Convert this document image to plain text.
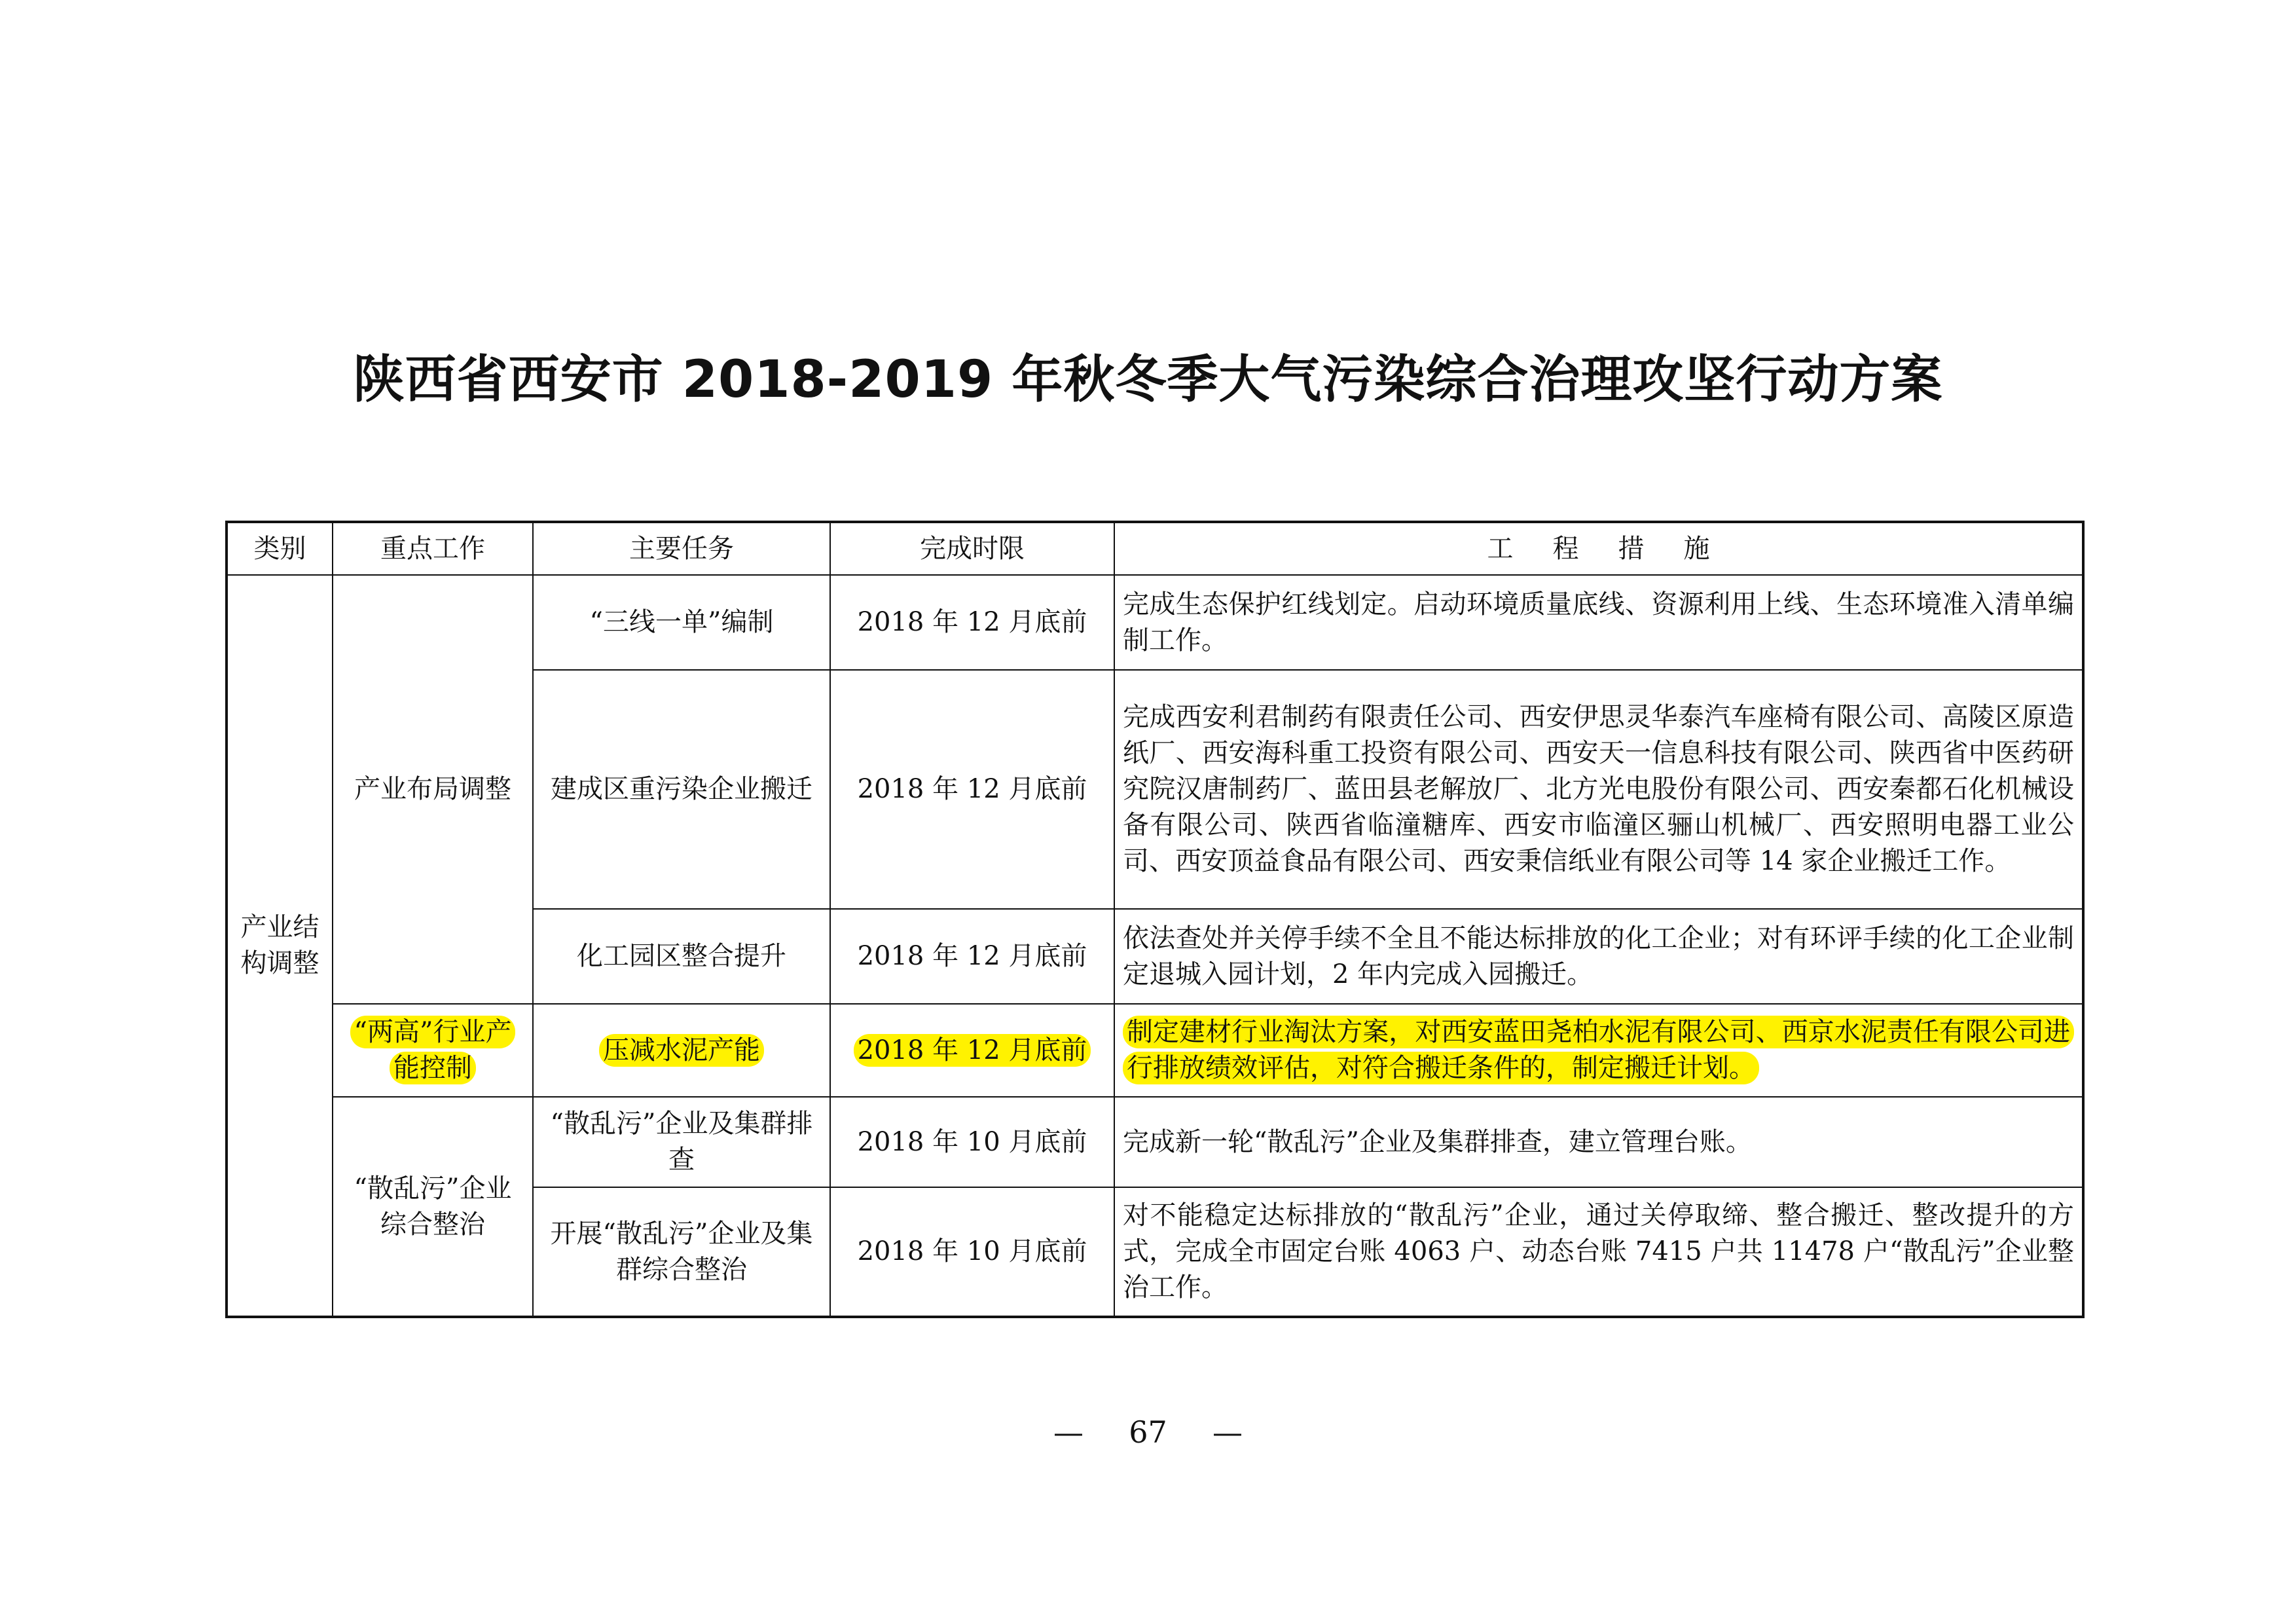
陕西省西安市 2018-2019 年秋冬季大气污染综合治理攻坚行动方案
类别	重点工作	主要任务	完成时限	工程措施
产业结构调整	产业布局调整	“三线一单”编制	2018 年 12 月底前	完成生态保护红线划定。启动环境质量底线、资源利用上线、生态环境准入清单编制工作。
		建成区重污染企业搬迁	2018 年 12 月底前	完成西安利君制药有限责任公司、西安伊思灵华泰汽车座椅有限公司、高陵区原造纸厂、西安海科重工投资有限公司、西安天一信息科技有限公司、陕西省中医药研究院汉唐制药厂、蓝田县老解放厂、北方光电股份有限公司、西安秦都石化机械设备有限公司、陕西省临潼糖库、西安市临潼区骊山机械厂、西安照明电器工业公司、西安顶益食品有限公司、西安秉信纸业有限公司等 14 家企业搬迁工作。
		化工园区整合提升	2018 年 12 月底前	依法查处并关停手续不全且不能达标排放的化工企业；对有环评手续的化工企业制定退城入园计划，2 年内完成入园搬迁。
	“两高”行业产能控制	压减水泥产能	2018 年 12 月底前	制定建材行业淘汰方案，对西安蓝田尧柏水泥有限公司、西京水泥责任有限公司进行排放绩效评估，对符合搬迁条件的，制定搬迁计划。
	“散乱污”企业综合整治	“散乱污”企业及集群排查	2018 年 10 月底前	完成新一轮“散乱污”企业及集群排查，建立管理台账。
		开展“散乱污”企业及集群综合整治	2018 年 10 月底前	对不能稳定达标排放的“散乱污”企业，通过关停取缔、整合搬迁、整改提升的方式，完成全市固定台账 4063 户、动态台账 7415 户共 11478 户“散乱污”企业整治工作。
— 67 —
